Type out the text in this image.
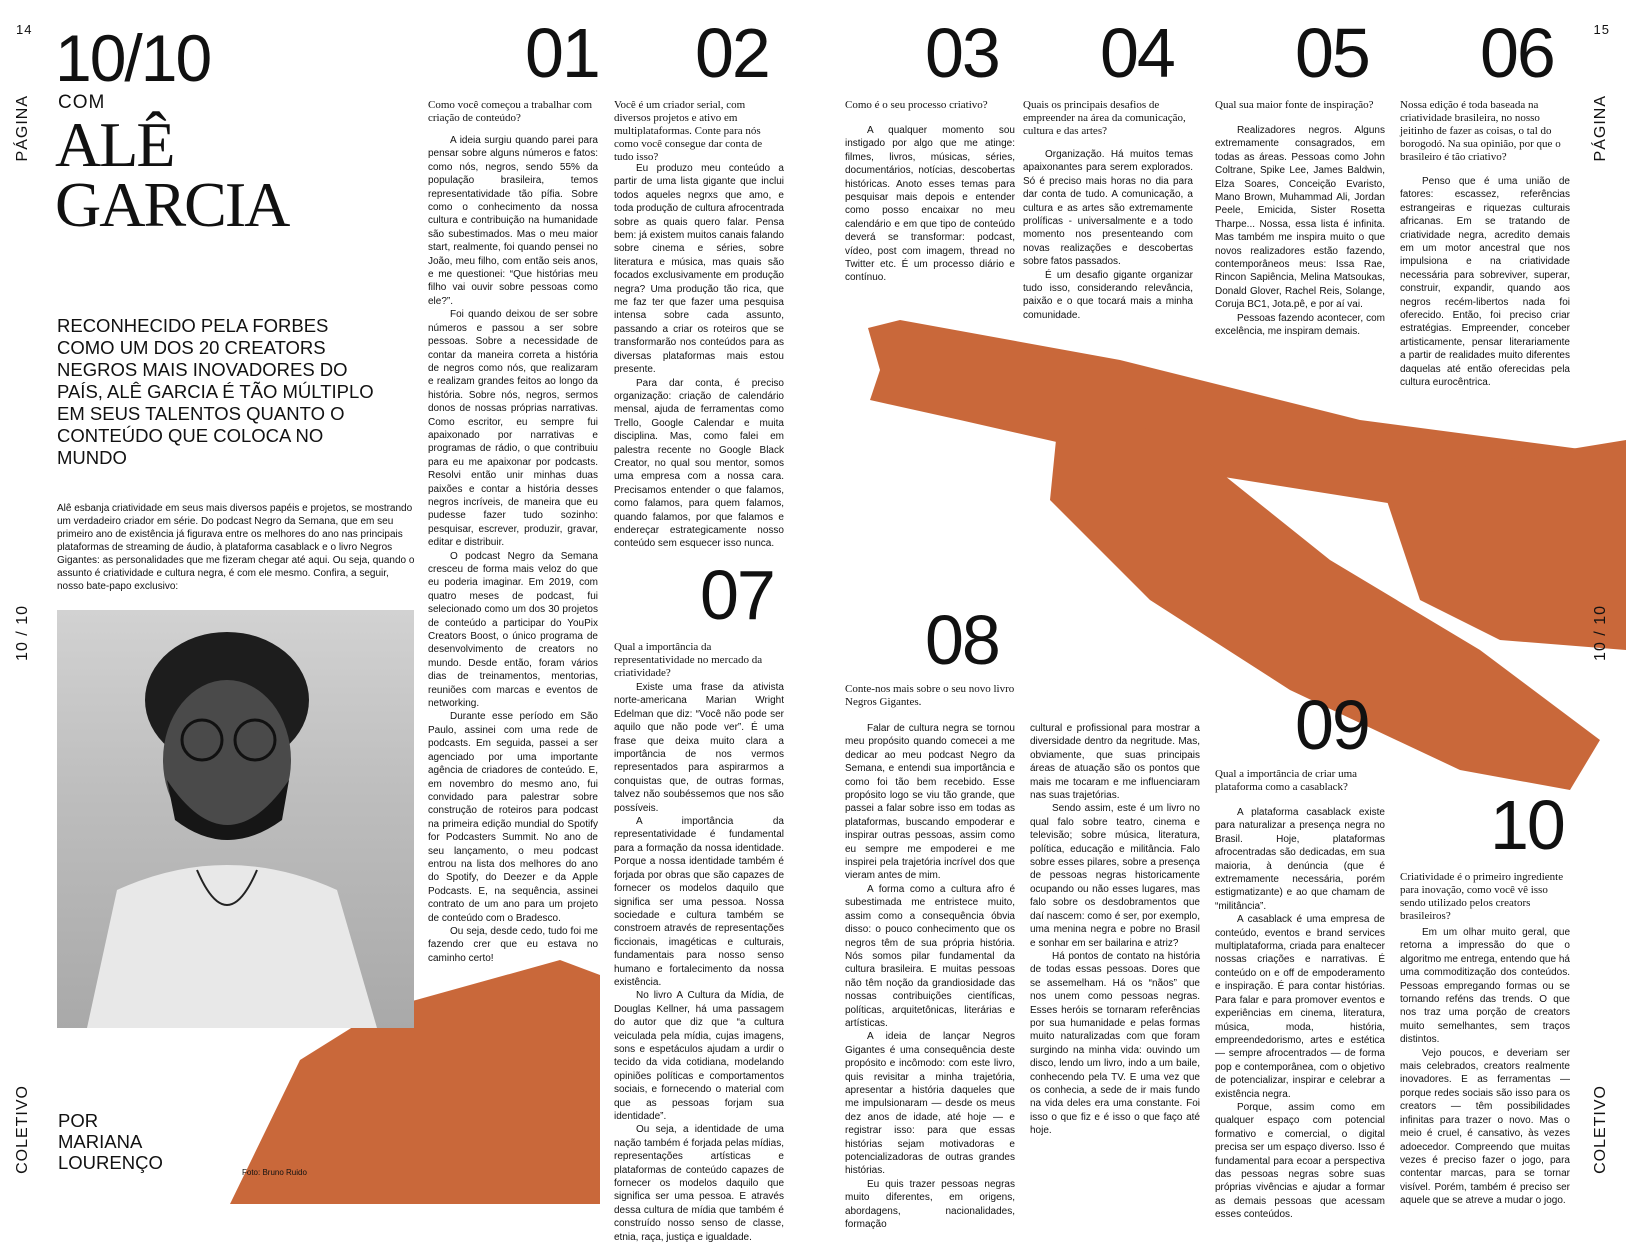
14	15
PÁGINA
10 / 10
COLETIVO
PÁGINA
10 / 10
COLETIVO
10/10
COM
ALÊ
GARCIA
RECONHECIDO PELA FORBES COMO UM DOS 20 CREATORS NEGROS MAIS INOVADORES DO PAÍS, ALÊ GARCIA É TÃO MÚLTIPLO EM SEUS TALENTOS QUANTO O CONTEÚDO QUE COLOCA NO MUNDO
Alê esbanja criatividade em seus mais diversos papéis e projetos, se mostrando um verdadeiro criador em série. Do podcast Negro da Semana, que em seu primeiro ano de existência já figurava entre os melhores do ano nas principais plataformas de streaming de áudio, à plataforma casablack e o livro Negros Gigantes: as personalidades que me fizeram chegar até aqui. Ou seja, quando o assunto é criatividade e cultura negra, é com ele mesmo. Confira, a seguir, nosso bate-papo exclusivo:
POR
MARIANA
LOURENÇO	Foto: Bruno Ruido
01 02 03 04 05 06
07
08
09
10
Como você começou a trabalhar com criação de conteúdo?
Você é um criador serial, com diversos projetos e ativo em multiplataformas. Conte para nós como você consegue dar conta de tudo isso?
Como é o seu processo criativo?	Quais os principais desafios de empreender na área da comunicação, cultura e das artes?
Qual sua maior fonte de inspiração?	Nossa edição é toda baseada na criatividade brasileira, no nosso jeitinho de fazer as coisas, o tal do borogodó. Na sua opinião, por que o brasileiro é tão criativo?
Qual a importância da representatividade no mercado da criatividade?
Conte-nos mais sobre o seu novo livro Negros Gigantes.
Qual a importância de criar uma plataforma como a casablack?
Criatividade é o primeiro ingrediente para inovação, como você vê isso sendo utilizado pelos creators brasileiros?

A ideia surgiu quando parei para pensar sobre alguns números e fatos: como nós, negros, sendo 55% da população brasileira, temos representatividade tão pífia. Sobre como o conhecimento da nossa cultura e contribuição na humanidade são subestimados. Mas o meu maior start, realmente, foi quando pensei no João, meu filho, com então seis anos, e me questionei: “Que histórias meu filho vai ouvir sobre pessoas como ele?”.

Foi quando deixou de ser sobre números e passou a ser sobre pessoas. Sobre a necessidade de contar da maneira correta a história de negros como nós, que realizaram e realizam grandes feitos ao longo da história. Sobre nós, negros, sermos donos de nossas próprias narrativas. Como escritor, eu sempre fui apaixonado por narrativas e programas de rádio, o que contribuiu para eu me apaixonar por podcasts. Resolvi então unir minhas duas paixões e contar a história desses negros incríveis, de maneira que eu pudesse fazer tudo sozinho: pesquisar, escrever, produzir, gravar, editar e distribuir.

O podcast Negro da Semana cresceu de forma mais veloz do que eu poderia imaginar. Em 2019, com quatro meses de podcast, fui selecionado como um dos 30 projetos de conteúdo a participar do YouPix Creators Boost, o único programa de desenvolvimento de creators no mundo. Desde então, foram vários dias de treinamentos, mentorias, reuniões com marcas e eventos de networking.

Durante esse período em São Paulo, assinei com uma rede de podcasts. Em seguida, passei a ser agenciado por uma importante agência de criadores de conteúdo. E, em novembro do mesmo ano, fui convidado para palestrar sobre construção de roteiros para podcast na primeira edição mundial do Spotify for Podcasters Summit. No ano de seu lançamento, o meu podcast entrou na lista dos melhores do ano do Spotify, do Deezer e da Apple Podcasts. E, na sequência, assinei contrato de um ano para um projeto de conteúdo com o Bradesco.

Ou seja, desde cedo, tudo foi me fazendo crer que eu estava no caminho certo!

Eu produzo meu conteúdo a partir de uma lista gigante que inclui todos aqueles negrxs que amo, e toda produção de cultura afrocentrada sobre as quais quero falar. Pensa bem: já existem muitos canais falando sobre cinema e séries, sobre literatura e música, mas quais são focados exclusivamente em produção negra? Uma produção tão rica, que me faz ter que fazer uma pesquisa intensa sobre cada assunto, passando a criar os roteiros que se transformarão nos conteúdos para as diversas plataformas mais estou presente.

Para dar conta, é preciso organização: criação de calendário mensal, ajuda de ferramentas como Trello, Google Calendar e muita disciplina. Mas, como falei em palestra recente no Google Black Creator, no qual sou mentor, somos uma empresa com a nossa cara. Precisamos entender o que falamos, como falamos, para quem falamos, quando falamos, por que falamos e endereçar estrategicamente nosso conteúdo sem esquecer isso nunca.

A qualquer momento sou instigado por algo que me atinge: filmes, livros, músicas, séries, documentários, notícias, descobertas históricas. Anoto esses temas para pesquisar mais depois e entender como posso encaixar no meu calendário e em que tipo de conteúdo deverá se transformar: podcast, vídeo, post com imagem, thread no Twitter etc. É um processo diário e contínuo.

Organização. Há muitos temas apaixonantes para serem explorados. Só é preciso mais horas no dia para dar conta de tudo. A comunicação, a cultura e as artes são extremamente prolíficas - universalmente e a todo momento nos presenteando com novas realizações e descobertas sobre fatos passados.

É um desafio gigante organizar tudo isso, considerando relevância, paixão e o que tocará mais a minha comunidade.

Realizadores negros. Alguns extremamente consagrados, em todas as áreas. Pessoas como John Coltrane, Spike Lee, James Baldwin, Elza Soares, Conceição Evaristo, Mano Brown, Muhammad Ali, Jordan Peele, Emicida, Sister Rosetta Tharpe... Nossa, essa lista é infinita. Mas também me inspira muito o que novos realizadores estão fazendo, contemporâneos meus: Issa Rae, Rincon Sapiência, Melina Matsoukas, Donald Glover, Rachel Reis, Solange, Coruja BC1, Jota.pê, e por aí vai.

Pessoas fazendo acontecer, com excelência, me inspiram demais.

Penso que é uma união de fatores: escassez, referências estrangeiras e riquezas culturais africanas. Em se tratando de criatividade negra, acredito demais em um motor ancestral que nos impulsiona e na criatividade necessária para sobreviver, superar, construir, expandir, quando aos negros recém-libertos nada foi oferecido. Então, foi preciso criar estratégias. Empreender, conceber artisticamente, pensar literariamente a partir de realidades muito diferentes daquelas até então oferecidas pela cultura eurocêntrica.

Existe uma frase da ativista norte-americana Marian Wright Edelman que diz: “Você não pode ser aquilo que não pode ver”. É uma frase que deixa muito clara a importância de nos vermos representados para aspirarmos a conquistas que, de outras formas, talvez não soubéssemos que nos são possíveis.

A importância da representatividade é fundamental para a formação da nossa identidade. Porque a nossa identidade também é forjada por obras que são capazes de fornecer os modelos daquilo que significa ser uma pessoa. Nossa sociedade e cultura também se constroem através de representações ficcionais, imagéticas e culturais, fundamentais para nosso senso humano e fortalecimento da nossa existência.

No livro A Cultura da Mídia, de Douglas Kellner, há uma passagem do autor que diz que “a cultura veiculada pela mídia, cujas imagens, sons e espetáculos ajudam a urdir o tecido da vida cotidiana, modelando opiniões políticas e comportamentos sociais, e fornecendo o material com que as pessoas forjam sua identidade”.

Ou seja, a identidade de uma nação também é forjada pelas mídias, representações artísticas e plataformas de conteúdo capazes de fornecer os modelos daquilo que significa ser uma pessoa. E através dessa cultura de mídia que também é construído nosso senso de classe, etnia, raça, justiça e igualdade.

Falar de cultura negra se tornou meu propósito quando comecei a me dedicar ao meu podcast Negro da Semana, e entendi sua importância e como foi tão bem recebido. Esse propósito logo se viu tão grande, que passei a falar sobre isso em todas as plataformas, buscando empoderar e inspirar outras pessoas, assim como eu sempre me empoderei e me inspirei pela trajetória incrível dos que vieram antes de mim.

A forma como a cultura afro é subestimada me entristece muito, assim como a consequência óbvia disso: o pouco conhecimento que os negros têm de sua própria história. Nós somos pilar fundamental da cultura brasileira. E muitas pessoas não têm noção da grandiosidade das nossas contribuições científicas, políticas, arquitetônicas, literárias e artísticas.

A ideia de lançar Negros Gigantes é uma consequência deste propósito e incômodo: com este livro, quis revisitar a minha trajetória, apresentar a história daqueles que me impulsionaram — desde os meus dez anos de idade, até hoje — e registrar isso: para que essas histórias sejam motivadoras e potencializadoras de outras grandes histórias.

Eu quis trazer pessoas negras muito diferentes, em origens, abordagens, nacionalidades, formação

cultural e profissional para mostrar a diversidade dentro da negritude. Mas, obviamente, que suas principais áreas de atuação são os pontos que mais me tocaram e me influenciaram nas suas trajetórias.

Sendo assim, este é um livro no qual falo sobre teatro, cinema e televisão; sobre música, literatura, política, educação e militância. Falo sobre esses pilares, sobre a presença de pessoas negras historicamente ocupando ou não esses lugares, mas falo sobre os desdobramentos que daí nascem: como é ser, por exemplo, uma menina negra e pobre no Brasil e sonhar em ser bailarina e atriz?

Há pontos de contato na história de todas essas pessoas. Dores que se assemelham. Há os “nãos” que nos unem como pessoas negras. Esses heróis se tornaram referências por sua humanidade e pelas formas muito naturalizadas com que foram surgindo na minha vida: ouvindo um disco, lendo um livro, indo a um baile, conhecendo pela TV. E uma vez que os conhecia, a sede de ir mais fundo na vida deles era uma constante. Foi isso o que fiz e é isso o que faço até hoje.

A plataforma casablack existe para naturalizar a presença negra no Brasil. Hoje, plataformas afrocentradas são dedicadas, em sua maioria, à denúncia (que é extremamente necessária, porém estigmatizante) e ao que chamam de “militância”.

A casablack é uma empresa de conteúdo, eventos e brand services multiplataforma, criada para enaltecer nossas criações e narrativas. É conteúdo on e off de empoderamento e inspiração. É para contar histórias. Para falar e para promover eventos e experiências em cinema, literatura, música, moda, história, empreendedorismo, artes e estética — sempre afrocentrados — de forma pop e contemporânea, com o objetivo de potencializar, inspirar e celebrar a existência negra.

Porque, assim como em qualquer espaço com potencial formativo e comercial, o digital precisa ser um espaço diverso. Isso é fundamental para ecoar a perspectiva das pessoas negras sobre suas próprias vivências e ajudar a formar as demais pessoas que acessam esses conteúdos.

Em um olhar muito geral, que retorna a impressão do que o algoritmo me entrega, entendo que há uma commoditização dos conteúdos. Pessoas empregando formas ou se tornando reféns das trends. O que nos traz uma porção de creators muito semelhantes, sem traços distintos.

Vejo poucos, e deveriam ser mais celebrados, creators realmente inovadores. E as ferramentas — porque redes sociais são isso para os creators — têm possibilidades infinitas para trazer o novo. Mas o meio é cruel, é cansativo, às vezes adoecedor. Compreendo que muitas vezes é preciso fazer o jogo, para contentar marcas, para se tornar visível. Porém, também é preciso ser aquele que se atreve a mudar o jogo.
